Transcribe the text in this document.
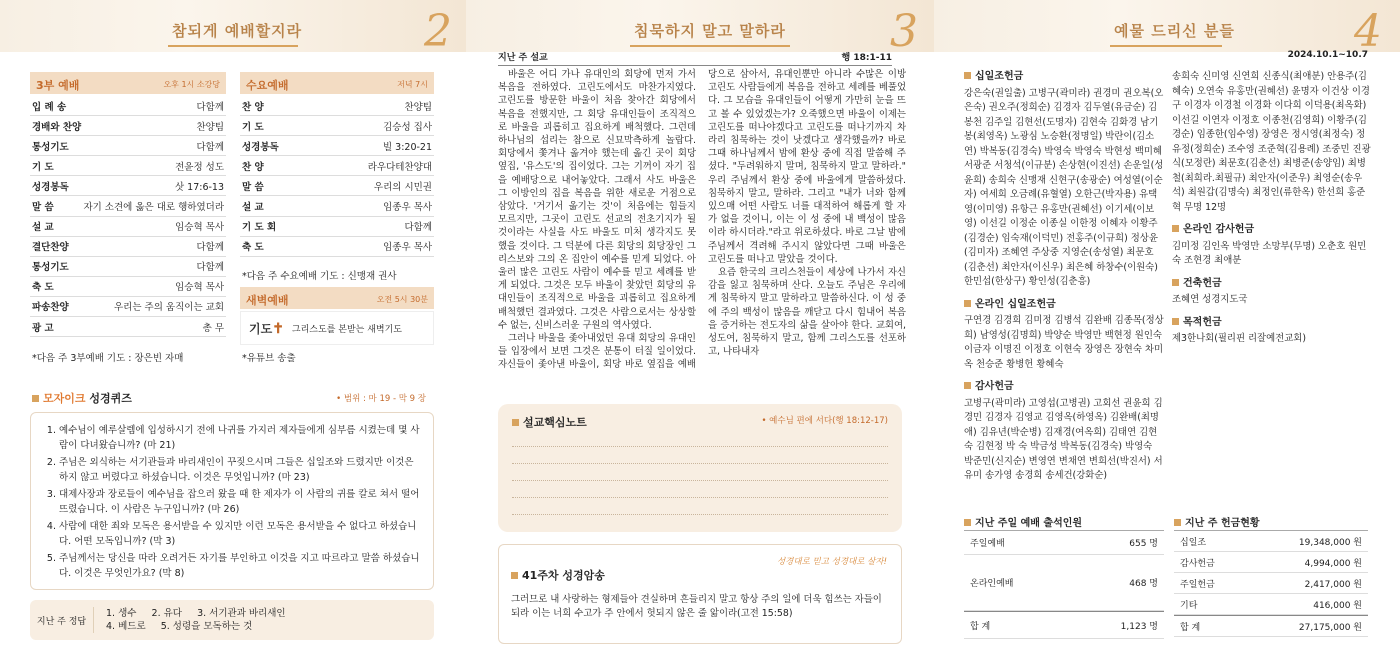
참되게 예배할지라	2
3부 예배	오후 1시 소강당
입 례 송	다함께
경배와 찬양	찬양팀
통성기도	다함께
기 도	전윤정 성도
성경봉독	삿 17:6-13
말 씀	자기 소견에 옳은 대로 행하였더라
설 교	임승혁 목사
결단찬양	다함께
통성기도	다함께
축 도	임승혁 목사
파송찬양	우리는 주의 움직이는 교회
광 고	총 무
*다음 주 3부예배 기도 : 장은빈 자매
수요예배	저녁 7시
찬 양	찬양팀
기 도	김승성 집사
성경봉독	빌 3:20-21
찬 양	라우다테찬양대
말 씀	우리의 시민권
설 교	임종우 목사
기 도 회	다함께
축 도	임종우 목사
*다음 주 수요예배 기도 : 신맹재 권사
새벽예배	오전 5시 30분
기도✝ 그리스도를 본받는 새벽기도
*유튜브 송출
모자이크 성경퀴즈	• 범위 : 마 19 - 막 9 장
1. 예수님이 예루살렘에 입성하시기 전에 나귀를 가지러 제자들에게 심부름 시켰는데 몇 사람이 다녀왔습니까? (마 21)
2. 주님은 외식하는 서기관들과 바리새인이 꾸짖으시며 그들은 십일조와 드렸지만 이것은 하지 않고 버렸다고 하셨습니다. 이것은 무엇입니까? (마 23)
3. 대제사장과 장로들이 예수님을 잡으러 왔을 때 한 제자가 이 사람의 귀를 칼로 쳐서 떨어 뜨렸습니다. 이 사람은 누구입니까? (마 26)
4. 사람에 대한 죄와 모독은 용서받을 수 있지만 이런 모독은 용서받을 수 없다고 하셨습니다. 어떤 모독입니까? (막 3)
5. 주님께서는 당신을 따라 오려거든 자기를 부인하고 이것을 지고 따르라고 말씀 하셨습니다. 이것은 무엇인가요? (막 8)
지난 주 정답
1. 생수     2. 유다     3. 서기관과 바리새인
4. 베드로     5. 성령을 모독하는 것
침묵하지 말고 말하라 3
지난 주 설교	행 18:1-11

바울은 어디 가나 유대인의 회당에 먼저 가서 복음을 전하였다. 고린도에서도 마찬가지였다. 고린도를 방문한 바울이 처음 찾아간 회당에서 복음을 전했지만, 그 회당 유대인들이 조직적으로 바울을 괴롭히고 집요하게 배척했다. 그런데 하나님의 섭리는 참으로 신묘막측하게 놀랍다. 회당에서 쫓겨나 옮겨야 했는데 옮긴 곳이 회당 옆집, '유스도'의 집이었다. 그는 기꺼이 자기 집을 예배당으로 내어놓았다. 그래서 사도 바울은 그 이방인의 집을 복음을 위한 새로운 거점으로 삼았다. '거기서 옮기는 것'이 처음에는 힘들지 모르지만, 그곳이 고린도 선교의 전초기지가 될 것이라는 사실을 사도 바울도 미처 생각지도 못했을 것이다. 그 덕분에 다른 회당의 회당장인 그리스보와 그의 온 집안이 예수를 믿게 되었다. 아울러 많은 고린도 사람이 예수를 믿고 세례를 받게 되었다. 그것은 모두 바울이 찾았던 회당의 유대인들이 조직적으로 바울을 괴롭히고 집요하게 배척했던 결과였다. 그것은 사람으로서는 상상할 수 없는, 신비스러운 구원의 역사였다.

그러나 바울을 좇아내었던 유대 회당의 유대인들 입장에서 보면 그것은 분통이 터질 일이었다. 자신들이 좇아낸 바울이, 회당 바로 옆집을 예배당으로 삼아서, 유대인뿐만 아니라 수많은 이방 고린도 사람들에게 복음을 전하고 세례를 베풀었다. 그 모습을 유대인들이 어떻게 가만히 눈을 뜨고 볼 수 있었겠는가? 오죽했으면 바울이 이제는 고린도를 떠나야겠다고 고린도를 떠나기까지 차라리 침묵하는 것이 낫겠다고 생각했을까? 바로 그때 하나님께서 밤에 환상 중에 직접 말씀해 주셨다. "두려워하지 말며, 침묵하지 말고 말하라." 우리 주님께서 환상 중에 바울에게 말씀하셨다. 침묵하지 말고, 말하라. 그리고 "내가 너와 함께 있으매 어떤 사람도 너를 대적하여 해롭게 할 자가 없을 것이니, 이는 이 성 중에 내 백성이 많음이라 하시더라."라고 위로하셨다. 바로 그날 밤에 주님께서 격려해 주시지 않았다면 그때 바울은 고린도를 떠나고 말았을 것이다.

요즘 한국의 크리스천들이 세상에 나가서 자신감을 잃고 침묵하며 산다. 오늘도 주님은 우리에게 침묵하지 말고 말하라고 말씀하신다. 이 성 중에 주의 백성이 많음을 깨닫고 다시 힘내어 복음을 증거하는 전도자의 삶을 살아야 한다. 교회여, 성도여, 침묵하지 말고, 함께 그리스도를 선포하고, 나타내자

설교핵심노트	• 예수님 편에 서다(행 18:12-17)
성경대로 믿고 성경대로 살자!
41주차 성경암송
그러므로 내 사랑하는 형제들아 견실하며 흔들리지 말고 항상 주의 일에 더욱 힘쓰는 자들이 되라 이는 너희 수고가 주 안에서 헛되지 않은 줄 앎이라(고전 15:58)
예물 드리신 분들	4
2024.10.1~10.7
십일조헌금
강은숙(권일출) 고병구(곽미라) 권경미 권오복(오은숙) 권오주(정희순) 김경자 김두열(유금순) 김봉천 김주일 김현선(도명자) 김현숙 김화경 남기봉(최영옥) 노광심 노승환(정명일) 박란이(김소연) 박복동(김경숙) 박영숙 박영숙 박현성 백미혜 서광준 서청석(이규분) 손상현(이진선) 손운일(성윤희) 송희숙 신맹재 신현구(송광순) 여성열(이순자) 여세희 오금례(유혈열) 오한근(박자용) 유택영(이미영) 유항근 유홍만(권혜선) 이기세(이보영) 이선길 이정순 이종실 이한정 이혜자 이황주(김경순) 임숙재(이덕민) 전홍주(이규희) 정상윤(김미자) 조혜연 주상중 지영순(송성열) 최문호(김춘선) 최안자(이신우) 최은혜 하창수(이원숙) 한민섭(한상구) 황인성(김춘흥)
온라인 십일조헌금
구연경 김경희 김미정 김병석 김완배 김종목(정상희) 남영성(김명희) 박양순 박영만 백현정 원인숙 이금자 이명진 이정호 이현숙 장영은 장현숙 차미옥 천승준 황병헌 황혜숙
감사헌금
고병구(곽미라) 고영섭(고병권) 고회선 권윤희 김경민 김경자 김영교 김영옥(하영옥) 김완배(최명애) 김유년(박순병) 김재경(여옥희) 김태연 김현숙 김현정 박 숙 박금성 박복동(김경숙) 박영숙 박준민(신지순) 변영연 변채연 변희선(박진서) 서유미 송가영 송경희 송세건(강화순)
송희숙 신미영 신연희 신종식(최애분) 안용주(김혜숙) 오연숙 유홍만(권혜선) 윤명자 이건상 이경구 이경자 이경철 이경화 이다희 이덕용(최옥화) 이선길 이연자 이정호 이종천(김영희) 이황주(김경순) 임종한(임수영) 장영은 정시영(최정숙) 정유정(정희순) 조수영 조준혁(김용례) 조중민 진광식(모정란) 최문호(김춘선) 최병준(송양임) 최병철(최희라.최필규) 최안자(이준우) 최영순(송우석) 최원갑(김명숙) 최정인(류한옥) 한선희 홍준혁 무명 12명
온라인 감사헌금
김미정 김인옥 박영만 소망부(무명) 오춘호 원민숙 조현경 최애분
건축헌금
조혜연 성경지도국
목적헌금
제3한나회(필리핀 리잘예전교회)
지난 주일 예배 출석인원
주일예배	655 명
온라인예배	468 명
합 계	1,123 명
지난 주 헌금현황
십일조	19,348,000 원
감사헌금	4,994,000 원
주일헌금	2,417,000 원
기타	416,000 원
합 계	27,175,000 원
